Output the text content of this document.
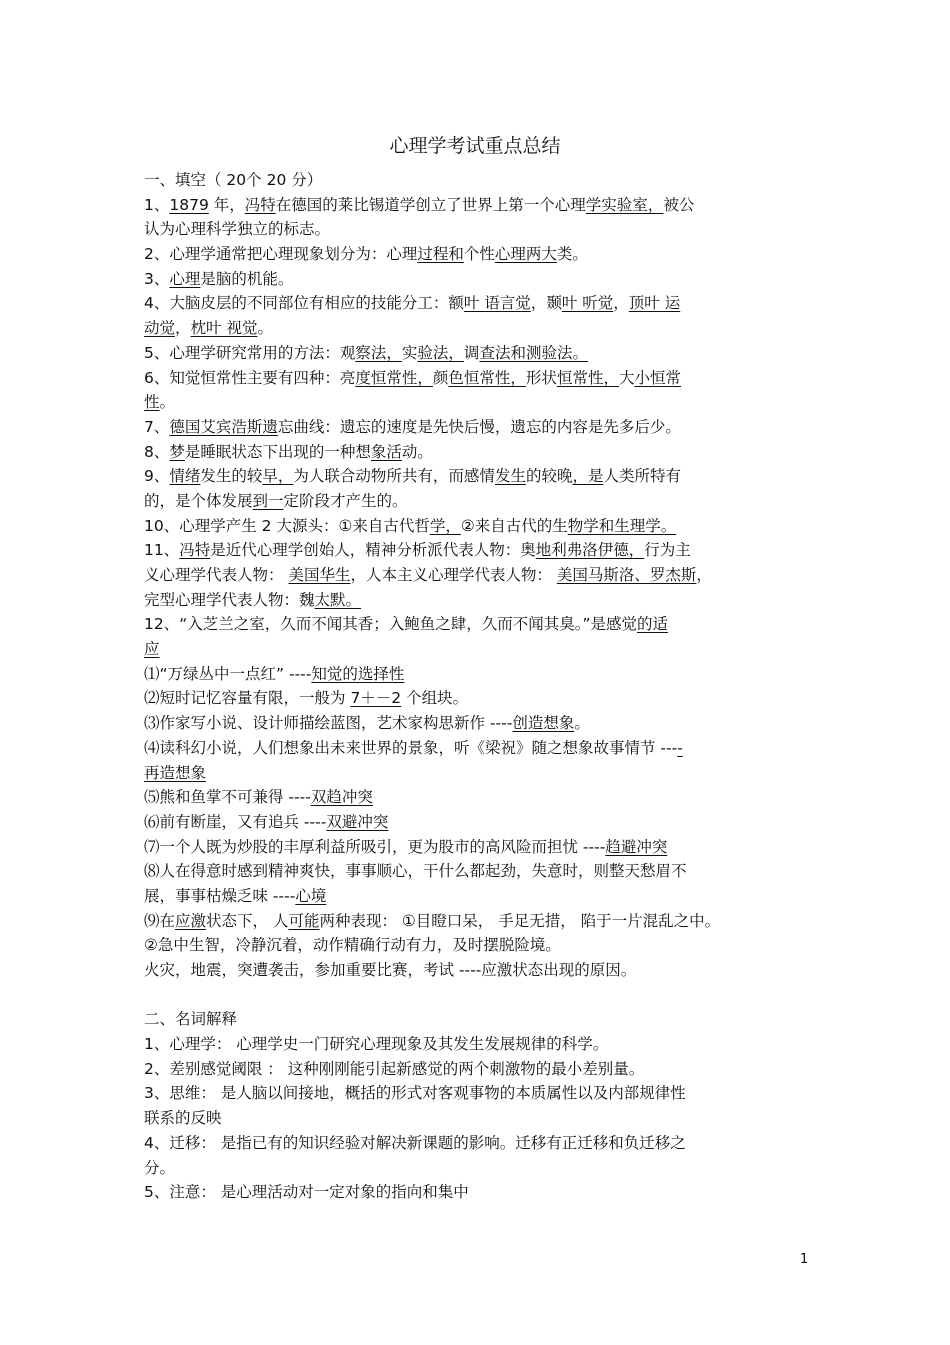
心理学考试重点总结
一、填空（ 20个 20 分）
1、1879 年，冯特在德国的莱比锡道学创立了世界上第一个心理学实验室，被公
认为心理科学独立的标志。
2、心理学通常把心理现象划分为：心理过程和个性心理两大类。
3、心理是脑的机能。
4、大脑皮层的不同部位有相应的技能分工：额叶 语言觉，颞叶 听觉，顶叶 运
动觉，枕叶 视觉。
5、心理学研究常用的方法：观察法，实验法，调查法和测验法。
6、知觉恒常性主要有四种：亮度恒常性，颜色恒常性，形状恒常性，大小恒常
性。
7、德国艾宾浩斯遗忘曲线：遗忘的速度是先快后慢，遗忘的内容是先多后少。
8、梦是睡眠状态下出现的一种想象活动。
9、情绪发生的较早，为人联合动物所共有，而感情发生的较晚，是人类所特有
的，是个体发展到一定阶段才产生的。
10、心理学产生 2 大源头：①来自古代哲学，②来自古代的生物学和生理学。
11、冯特是近代心理学创始人，精神分析派代表人物：奥地利弗洛伊德，行为主
义心理学代表人物： 美国华生，人本主义心理学代表人物： 美国马斯洛、罗杰斯，
完型心理学代表人物：魏太默。
12、“入芝兰之室，久而不闻其香；入鲍鱼之肆，久而不闻其臭。”是感觉的适
应
⑴“万绿丛中一点红” ----知觉的选择性
⑵短时记忆容量有限，一般为 7＋－2 个组块。
⑶作家写小说、设计师描绘蓝图，艺术家构思新作 ----创造想象。
⑷读科幻小说，人们想象出未来世界的景象，听《梁祝》随之想象故事情节 ----
再造想象
⑸熊和鱼掌不可兼得 ----双趋冲突
⑹前有断崖，又有追兵 ----双避冲突
⑺一个人既为炒股的丰厚利益所吸引，更为股市的高风险而担忧 ----趋避冲突
⑻人在得意时感到精神爽快，事事顺心，干什么都起劲，失意时，则整天愁眉不
展，事事枯燥乏味 ----心境
⑼在应激状态下， 人可能两种表现： ①目瞪口呆， 手足无措， 陷于一片混乱之中。
②急中生智，冷静沉着，动作精确行动有力，及时摆脱险境。
火灾，地震，突遭袭击，参加重要比赛，考试 ----应激状态出现的原因。
二、名词解释
1、心理学： 心理学史一门研究心理现象及其发生发展规律的科学。
2、差别感觉阈限 ： 这种刚刚能引起新感觉的两个刺激物的最小差别量。
3、思维： 是人脑以间接地，概括的形式对客观事物的本质属性以及内部规律性
联系的反映
4、迁移： 是指已有的知识经验对解决新课题的影响。迁移有正迁移和负迁移之
分。
5、注意： 是心理活动对一定对象的指向和集中
1
